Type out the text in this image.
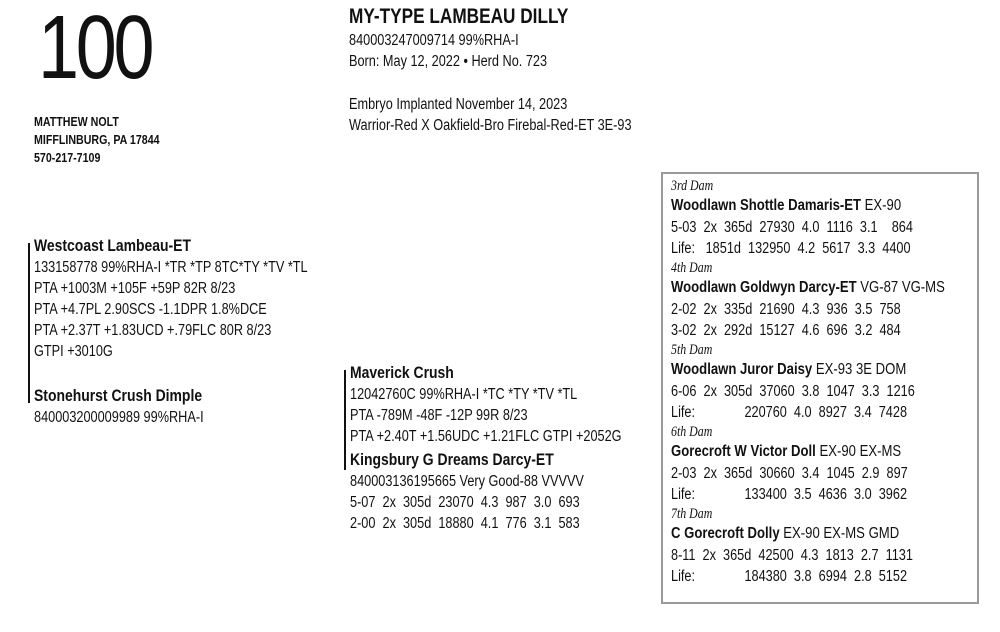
100
MATTHEW NOLT
MIFFLINBURG, PA 17844
570-217-7109
MY-TYPE LAMBEAU DILLY
840003247009714 99%RHA-I
Born: May 12, 2022 • Herd No. 723
Embryo Implanted November 14, 2023
Warrior-Red X Oakfield-Bro Firebal-Red-ET 3E-93
Westcoast Lambeau-ET
133158778 99%RHA-I *TR *TP 8TC*TY *TV *TL
PTA +1003M +105F +59P 82R 8/23
PTA +4.7PL 2.90SCS -1.1DPR 1.8%DCE
PTA +2.37T +1.83UCD +.79FLC 80R 8/23
GTPI +3010G
Stonehurst Crush Dimple
840003200009989 99%RHA-I
Maverick Crush
12042760C 99%RHA-I *TC *TY *TV *TL
PTA -789M -48F -12P 99R 8/23
PTA +2.40T +1.56UDC +1.21FLC GTPI +2052G
Kingsbury G Dreams Darcy-ET
840003136195665 Very Good-88 VVVVV
5-07  2x  305d  23070  4.3  987  3.0  693
2-00  2x  305d  18880  4.1  776  3.1  583
3rd Dam
Woodlawn Shottle Damaris-ET EX-90
5-03  2x  365d  27930  4.0  1116  3.1    864
Life:   1851d  132950  4.2  5617  3.3  4400
4th Dam
Woodlawn Goldwyn Darcy-ET VG-87 VG-MS
2-02  2x  335d  21690  4.3  936  3.5  758
3-02  2x  292d  15127  4.6  696  3.2  484
5th Dam
Woodlawn Juror Daisy EX-93 3E DOM
6-06  2x  305d  37060  3.8  1047  3.3  1216
Life:              220760  4.0  8927  3.4  7428
6th Dam
Gorecroft W Victor Doll EX-90 EX-MS
2-03  2x  365d  30660  3.4  1045  2.9  897
Life:              133400  3.5  4636  3.0  3962
7th Dam
C Gorecroft Dolly EX-90 EX-MS GMD
8-11  2x  365d  42500  4.3  1813  2.7  1131
Life:              184380  3.8  6994  2.8  5152
